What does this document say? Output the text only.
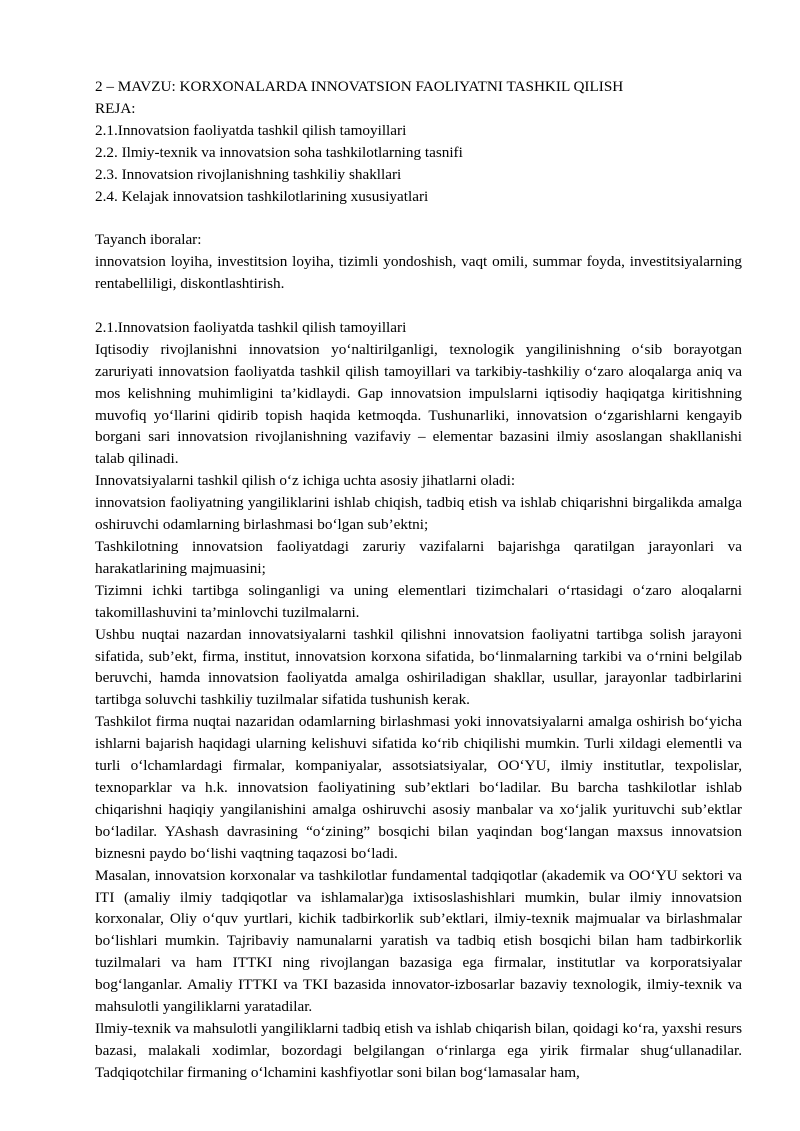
2 – MAVZU: KORXONALARDA INNOVATSION FAOLIYATNI TASHKIL QILISH

REJA:

2.1.Innovatsion faoliyatda tashkil qilish tamoyillari

2.2. Ilmiy-texnik va innovatsion soha tashkilotlarning tasnifi

2.3. Innovatsion rivojlanishning tashkiliy shakllari

2.4. Kelajak innovatsion tashkilotlarining xususiyatlari

Tayanch iboralar:

innovatsion loyiha, investitsion loyiha, tizimli yondoshish, vaqt omili, summar foyda, investitsiyalarning rentabelliligi, diskontlashtirish.

2.1.Innovatsion faoliyatda tashkil qilish tamoyillari

Iqtisodiy rivojlanishni innovatsion yo‘naltirilganligi, texnologik yangilinishning o‘sib borayotgan zaruriyati innovatsion faoliyatda tashkil qilish tamoyillari va tarkibiy-tashkiliy o‘zaro aloqalarga aniq va mos kelishning muhimligini ta’kidlaydi. Gap innovatsion impulslarni iqtisodiy haqiqatga kiritishning muvofiq yo‘llarini qidirib topish haqida ketmoqda. Tushunarliki, innovatsion o‘zgarishlarni kengayib borgani sari innovatsion rivojlanishning vazifaviy – elementar bazasini ilmiy asoslangan shakllanishi talab qilinadi.

Innovatsiyalarni tashkil qilish o‘z ichiga uchta asosiy jihatlarni oladi:

innovatsion faoliyatning yangiliklarini ishlab chiqish, tadbiq etish va ishlab chiqarishni birgalikda amalga oshiruvchi odamlarning birlashmasi bo‘lgan sub’ektni;

Tashkilotning innovatsion faoliyatdagi zaruriy vazifalarni bajarishga qaratilgan jarayonlari va harakatlarining majmuasini;

Tizimni ichki tartibga solinganligi va uning elementlari tizimchalari o‘rtasidagi o‘zaro aloqalarni takomillashuvini ta’minlovchi tuzilmalarni.

Ushbu nuqtai nazardan innovatsiyalarni tashkil qilishni innovatsion faoliyatni tartibga solish jarayoni sifatida, sub’ekt, firma, institut, innovatsion korxona sifatida, bo‘linmalarning tarkibi va o‘rnini belgilab beruvchi, hamda innovatsion faoliyatda amalga oshiriladigan shakllar, usullar, jarayonlar tadbirlarini tartibga soluvchi tashkiliy tuzilmalar sifatida tushunish kerak.

Tashkilot firma nuqtai nazaridan odamlarning birlashmasi yoki innovatsiyalarni amalga oshirish bo‘yicha ishlarni bajarish haqidagi ularning kelishuvi sifatida ko‘rib chiqilishi mumkin. Turli xildagi elementli va turli o‘lchamlardagi firmalar, kompaniyalar, assotsiatsiyalar, OO‘YU, ilmiy institutlar, texpolislar, texnoparklar va h.k. innovatsion faoliyatining sub’ektlari bo‘ladilar. Bu barcha tashkilotlar ishlab chiqarishni haqiqiy yangilanishini amalga oshiruvchi asosiy manbalar va xo‘jalik yurituvchi sub’ektlar bo‘ladilar. YAshash davrasining “o‘zining” bosqichi bilan yaqindan bog‘langan maxsus innovatsion biznesni paydo bo‘lishi vaqtning taqazosi bo‘ladi.

Masalan, innovatsion korxonalar va tashkilotlar fundamental tadqiqotlar (akademik va OO‘YU sektori va ITI (amaliy ilmiy tadqiqotlar va ishlamalar)ga ixtisoslashishlari mumkin, bular ilmiy innovatsion korxonalar, Oliy o‘quv yurtlari, kichik tadbirkorlik sub’ektlari, ilmiy-texnik majmualar va birlashmalar bo‘lishlari mumkin. Tajribaviy namunalarni yaratish va tadbiq etish bosqichi bilan ham tadbirkorlik tuzilmalari va ham ITTKI ning rivojlangan bazasiga ega firmalar, institutlar va korporatsiyalar bog‘langanlar. Amaliy ITTKI va TKI bazasida innovator-izbosarlar bazaviy texnologik, ilmiy-texnik va mahsulotli yangiliklarni yaratadilar.

Ilmiy-texnik va mahsulotli yangiliklarni tadbiq etish va ishlab chiqarish bilan, qoidagi ko‘ra, yaxshi resurs bazasi, malakali xodimlar, bozordagi belgilangan o‘rinlarga ega yirik firmalar shug‘ullanadilar. Tadqiqotchilar firmaning o‘lchamini kashfiyotlar soni bilan bog‘lamasalar ham,
